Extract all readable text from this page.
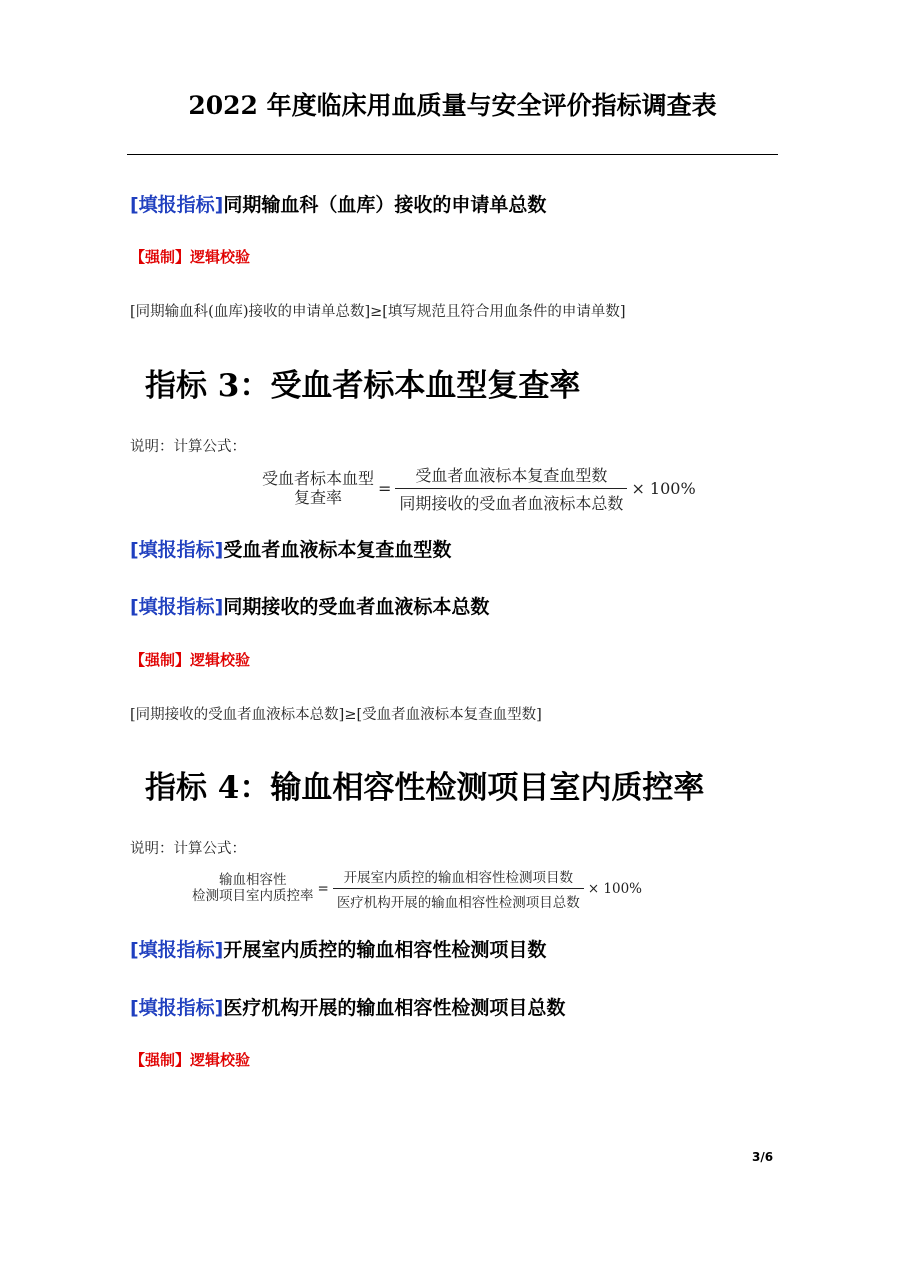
2022 年度临床用血质量与安全评价指标调查表
[填报指标]同期输血科（血库）接收的申请单总数
【强制】逻辑校验
[同期输血科(血库)接收的申请单总数]≥[填写规范且符合用血条件的申请单数]
指标 3：受血者标本血型复查率
说明：计算公式：
受血者标本血型
复查率 = $\frac{\text{受血者血液标本复查血型数}}{\text{同期接收的受血者血液标本总数}} \times 100\%$
[填报指标]受血者血液标本复查血型数
[填报指标]同期接收的受血者血液标本总数
【强制】逻辑校验
[同期接收的受血者血液标本总数]≥[受血者血液标本复查血型数]
指标 4：输血相容性检测项目室内质控率
说明：计算公式：
输血相容性
检测项目室内质控率 = $\frac{\text{开展室内质控的输血相容性检测项目数}}{\text{医疗机构开展的输血相容性检测项目总数}} \times 100\%$
[填报指标]开展室内质控的输血相容性检测项目数
[填报指标]医疗机构开展的输血相容性检测项目总数
【强制】逻辑校验
3/6
